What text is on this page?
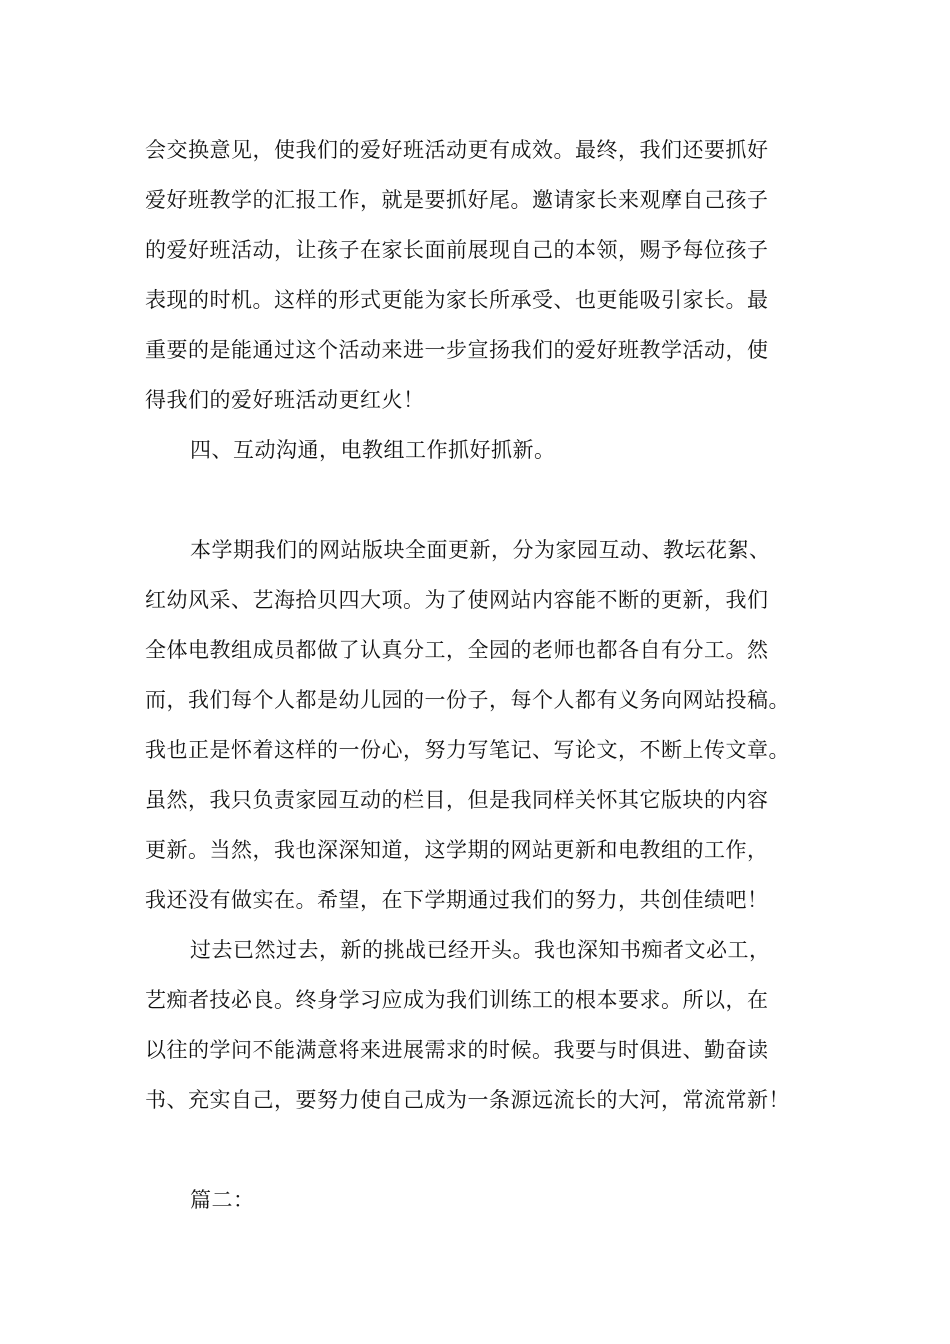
会交换意见，使我们的爱好班活动更有成效。最终，我们还要抓好
爱好班教学的汇报工作，就是要抓好尾。邀请家长来观摩自己孩子
的爱好班活动，让孩子在家长面前展现自己的本领，赐予每位孩子
表现的时机。这样的形式更能为家长所承受、也更能吸引家长。最
重要的是能通过这个活动来进一步宣扬我们的爱好班教学活动，使
得我们的爱好班活动更红火！
四、互动沟通，电教组工作抓好抓新。
本学期我们的网站版块全面更新，分为家园互动、教坛花絮、
红幼风采、艺海拾贝四大项。为了使网站内容能不断的更新，我们
全体电教组成员都做了认真分工，全园的老师也都各自有分工。然
而，我们每个人都是幼儿园的一份子，每个人都有义务向网站投稿。
我也正是怀着这样的一份心，努力写笔记、写论文，不断上传文章。
虽然，我只负责家园互动的栏目，但是我同样关怀其它版块的内容
更新。当然，我也深深知道，这学期的网站更新和电教组的工作，
我还没有做实在。希望，在下学期通过我们的努力，共创佳绩吧！
过去已然过去，新的挑战已经开头。我也深知书痴者文必工，
艺痴者技必良。终身学习应成为我们训练工的根本要求。所以，在
以往的学问不能满意将来进展需求的时候。我要与时俱进、勤奋读
书、充实自己，要努力使自己成为一条源远流长的大河，常流常新！
篇二：
